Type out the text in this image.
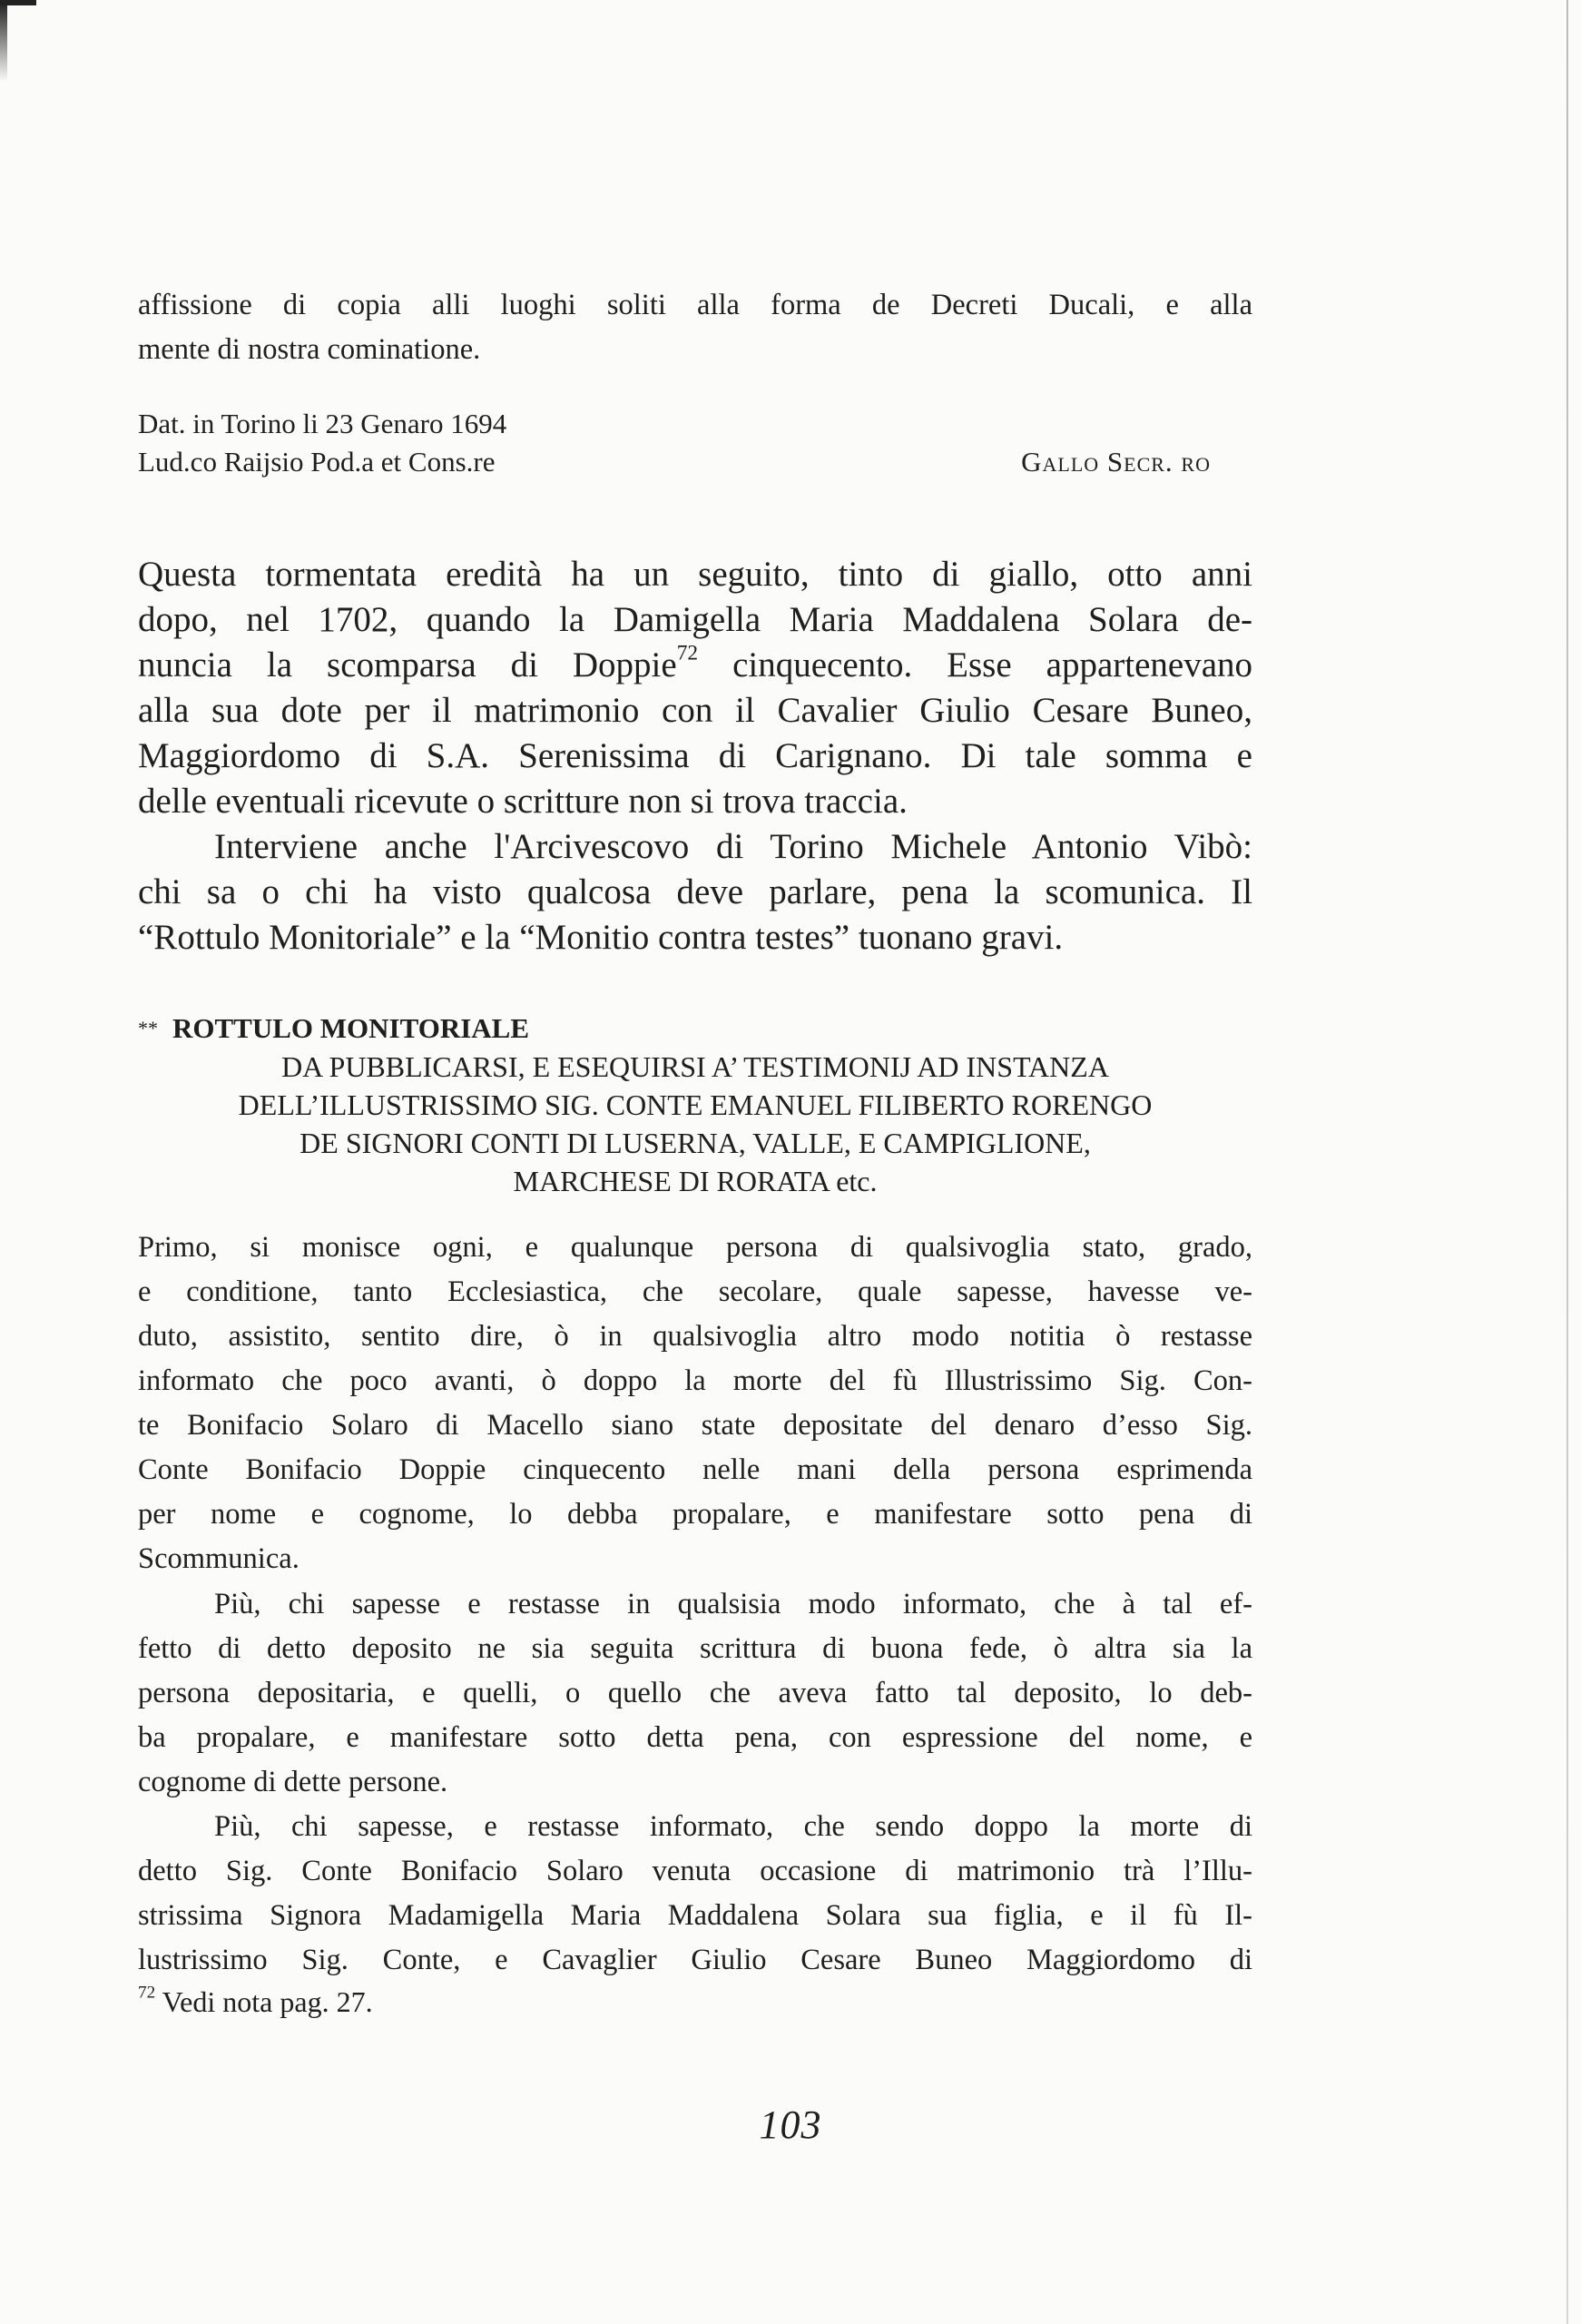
affissione di copia alli luoghi soliti alla forma de Decreti Ducali, e alla

mente di nostra cominatione.

Dat. in Torino li 23 Genaro 1694

Lud.co Raijsio Pod.a et Cons.re	Gallo Secr. ro

Questa tormentata eredità ha un seguito, tinto di giallo, otto anni

dopo, nel 1702, quando la Damigella Maria Maddalena Solara de-

nuncia la scomparsa di Doppie$^{72}$ cinquecento. Esse appartenevano

alla sua dote per il matrimonio con il Cavalier Giulio Cesare Buneo,

Maggiordomo di S.A. Serenissima di Carignano. Di tale somma e

delle eventuali ricevute o scritture non si trova traccia.

Interviene anche l'Arcivescovo di Torino Michele Antonio Vibò:

chi sa o chi ha visto qualcosa deve parlare, pena la scomunica. Il

“Rottulo Monitoriale” e la “Monitio contra testes” tuonano gravi.

** ROTTULO MONITORIALE

DA PUBBLICARSI, E ESEQUIRSI A’ TESTIMONIJ AD INSTANZA

DELL’ILLUSTRISSIMO SIG. CONTE EMANUEL FILIBERTO RORENGO

DE SIGNORI CONTI DI LUSERNA, VALLE, E CAMPIGLIONE,

MARCHESE DI RORATA etc.

Primo, si monisce ogni, e qualunque persona di qualsivoglia stato, grado,

e conditione, tanto Ecclesiastica, che secolare, quale sapesse, havesse ve-

duto, assistito, sentito dire, ò in qualsivoglia altro modo notitia ò restasse

informato che poco avanti, ò doppo la morte del fù Illustrissimo Sig. Con-

te Bonifacio Solaro di Macello siano state depositate del denaro d’esso Sig.

Conte Bonifacio Doppie cinquecento nelle mani della persona esprimenda

per nome e cognome, lo debba propalare, e manifestare sotto pena di

Scommunica.

Più, chi sapesse e restasse in qualsisia modo informato, che à tal ef-

fetto di detto deposito ne sia seguita scrittura di buona fede, ò altra sia la

persona depositaria, e quelli, o quello che aveva fatto tal deposito, lo deb-

ba propalare, e manifestare sotto detta pena, con espressione del nome, e

cognome di dette persone.

Più, chi sapesse, e restasse informato, che sendo doppo la morte di

detto Sig. Conte Bonifacio Solaro venuta occasione di matrimonio trà l’Illu-

strissima Signora Madamigella Maria Maddalena Solara sua figlia, e il fù Il-

lustrissimo Sig. Conte, e Cavaglier Giulio Cesare Buneo Maggiordomo di

$^{72}$ Vedi nota pag. 27.

103
